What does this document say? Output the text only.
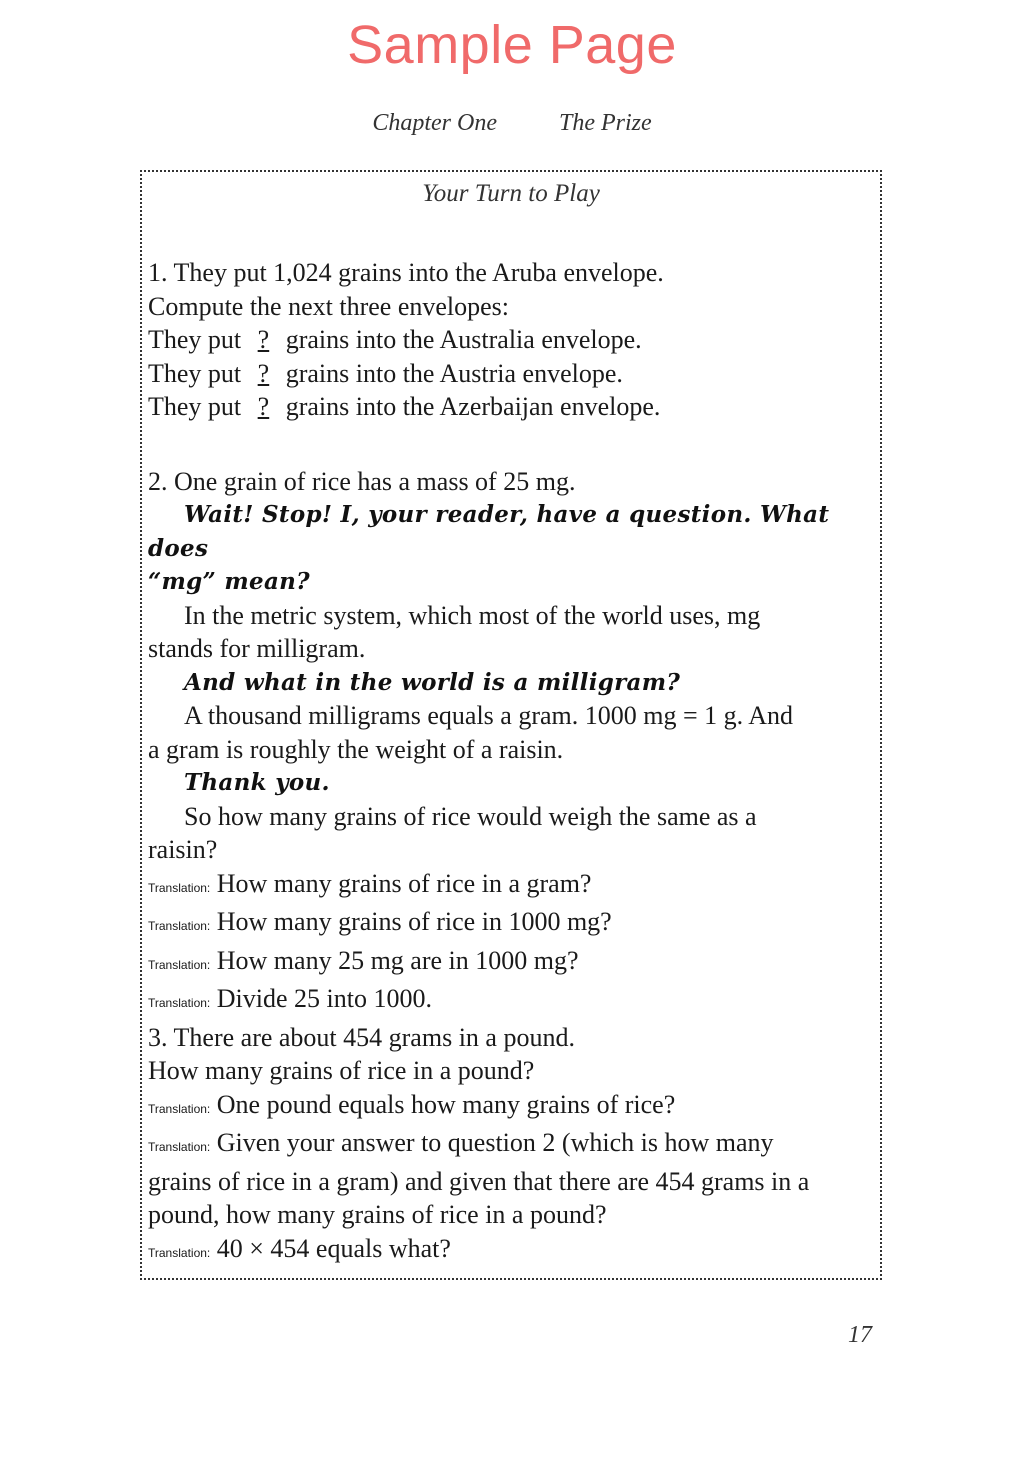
Sample Page
Chapter One	The Prize
Your Turn to Play

1. They put 1,024 grains into the Aruba envelope.

Compute the next three envelopes:

They put ? grains into the Australia envelope.

They put ? grains into the Austria envelope.

They put ? grains into the Azerbaijan envelope.

2. One grain of rice has a mass of 25 mg.

Wait! Stop! I, your reader, have a question. What does

“mg” mean?

In the metric system, which most of the world uses, mg

stands for milligram.

And what in the world is a milligram?

A thousand milligrams equals a gram. 1000 mg = 1 g. And

a gram is roughly the weight of a raisin.

Thank you.

So how many grains of rice would weigh the same as a

raisin?

Translation: How many grains of rice in a gram?

Translation: How many grains of rice in 1000 mg?

Translation: How many 25 mg are in 1000 mg?

Translation: Divide 25 into 1000.

3. There are about 454 grams in a pound.

How many grains of rice in a pound?

Translation: One pound equals how many grains of rice?

Translation: Given your answer to question 2 (which is how many

grains of rice in a gram) and given that there are 454 grams in a

pound, how many grains of rice in a pound?

Translation: 40 × 454 equals what?

17
